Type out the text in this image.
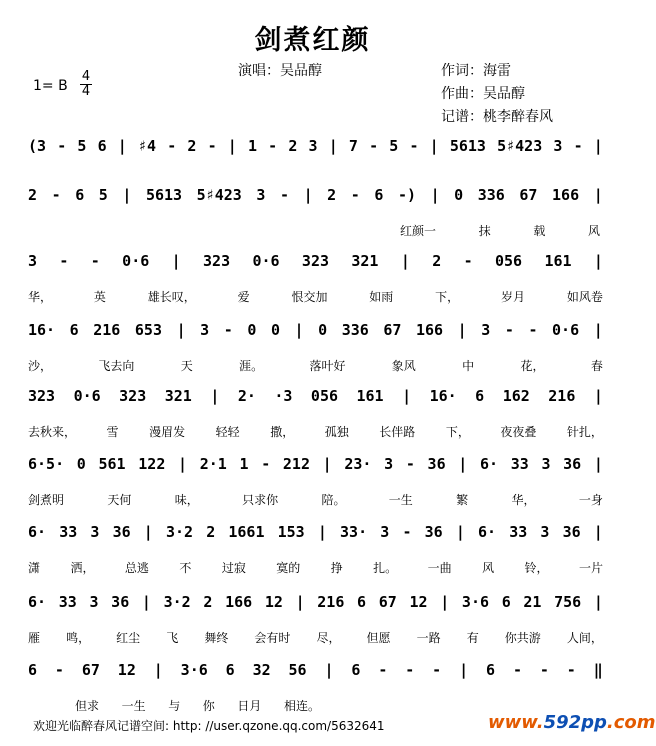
剑煮红颜
演唱：吴品醇	作词：海雷
作曲：吴品醇
记谱：桃李醉春风
1= B
4
4
(3 - 5 6 | ♯4 - 2 - | 1 - 2 3 | 7 - 5 - | 5613 5♯423 3 - |
2 - 6 5 | 5613 5♯423 3 - | 2 - 6 -) | 0 336 67 166 |
红颜一	抹	载	风
3 - - 0·6 | 323 0·6 323 321 | 2 - 056 161 |
华，	英	雄长叹，	爱	恨交加	如雨	下，	岁月	如风卷
16· 6 216 653 | 3 - 0 0 | 0 336 67 166 | 3 - - 0·6 |
沙，	飞去向	天	涯。	落叶好	象风	中	花，	春
323 0·6 323 321 | 2· ·3 056 161 | 16· 6 162 216 |
去秋来，	雪	漫眉发	轻轻	撒，	孤独	长伴路	下，	夜夜叠	针扎，
6·5· 0 561 122 | 2·1 1 - 212 | 23· 3 - 36 | 6· 33 3 36 |
剑煮明	天何	味，	只求你	陪。	一生	繁	华，	一身
6· 33 3 36 | 3·2 2 1661 153 | 33· 3 - 36 | 6· 33 3 36 |
潇	洒，	总逃	不	过寂	寞的	挣	扎。	一曲	风	铃，	一片
6· 33 3 36 | 3·2 2 166 12 | 216 6 67 12 | 3·6 6 21 756 |
雁 鸣， 红尘 飞 舞终 会有时 尽， 但愿 一路 有 你共游 人间，
6 - 67 12 | 3·6 6 32 56 | 6 - - - | 6 - - - ‖
但求 一生 与 你 日月 相连。
欢迎光临醉春风记谱空间: http: //user.qzone.qq.com/5632641	www.592pp.com
